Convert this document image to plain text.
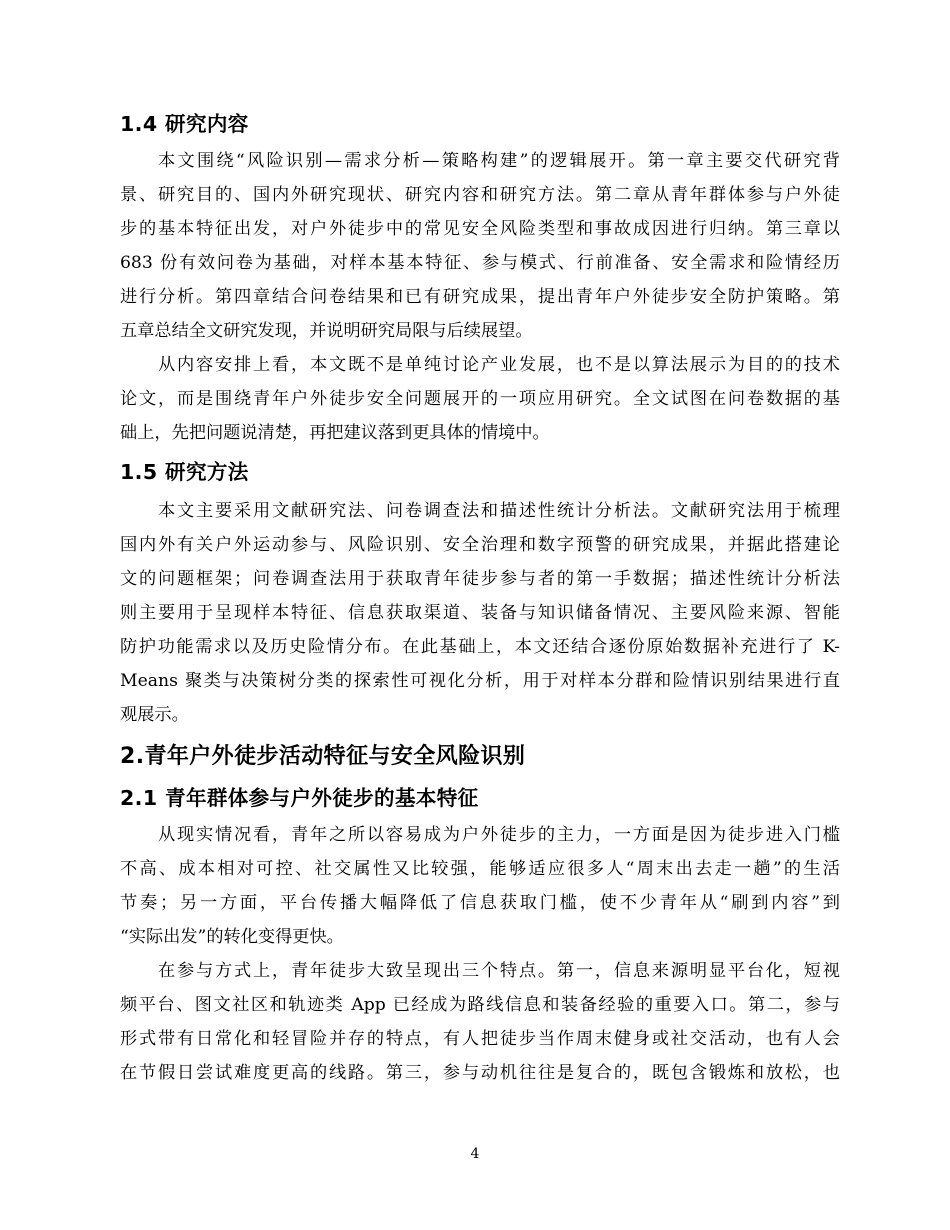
1.4 研究内容
本文围绕“风险识别—需求分析—策略构建”的逻辑展开。第一章主要交代研究背
景、研究目的、国内外研究现状、研究内容和研究方法。第二章从青年群体参与户外徒
步的基本特征出发，对户外徒步中的常见安全风险类型和事故成因进行归纳。第三章以
683 份有效问卷为基础，对样本基本特征、参与模式、行前准备、安全需求和险情经历
进行分析。第四章结合问卷结果和已有研究成果，提出青年户外徒步安全防护策略。第
五章总结全文研究发现，并说明研究局限与后续展望。
从内容安排上看，本文既不是单纯讨论产业发展，也不是以算法展示为目的的技术
论文，而是围绕青年户外徒步安全问题展开的一项应用研究。全文试图在问卷数据的基
础上，先把问题说清楚，再把建议落到更具体的情境中。
1.5 研究方法
本文主要采用文献研究法、问卷调查法和描述性统计分析法。文献研究法用于梳理
国内外有关户外运动参与、风险识别、安全治理和数字预警的研究成果，并据此搭建论
文的问题框架；问卷调查法用于获取青年徒步参与者的第一手数据；描述性统计分析法
则主要用于呈现样本特征、信息获取渠道、装备与知识储备情况、主要风险来源、智能
防护功能需求以及历史险情分布。在此基础上，本文还结合逐份原始数据补充进行了 K-
Means 聚类与决策树分类的探索性可视化分析，用于对样本分群和险情识别结果进行直
观展示。
2.青年户外徒步活动特征与安全风险识别
2.1 青年群体参与户外徒步的基本特征
从现实情况看，青年之所以容易成为户外徒步的主力，一方面是因为徒步进入门槛
不高、成本相对可控、社交属性又比较强，能够适应很多人“周末出去走一趟”的生活
节奏；另一方面，平台传播大幅降低了信息获取门槛，使不少青年从“刷到内容”到
“实际出发”的转化变得更快。
在参与方式上，青年徒步大致呈现出三个特点。第一，信息来源明显平台化，短视
频平台、图文社区和轨迹类 App 已经成为路线信息和装备经验的重要入口。第二，参与
形式带有日常化和轻冒险并存的特点，有人把徒步当作周末健身或社交活动，也有人会
在节假日尝试难度更高的线路。第三，参与动机往往是复合的，既包含锻炼和放松，也
4
